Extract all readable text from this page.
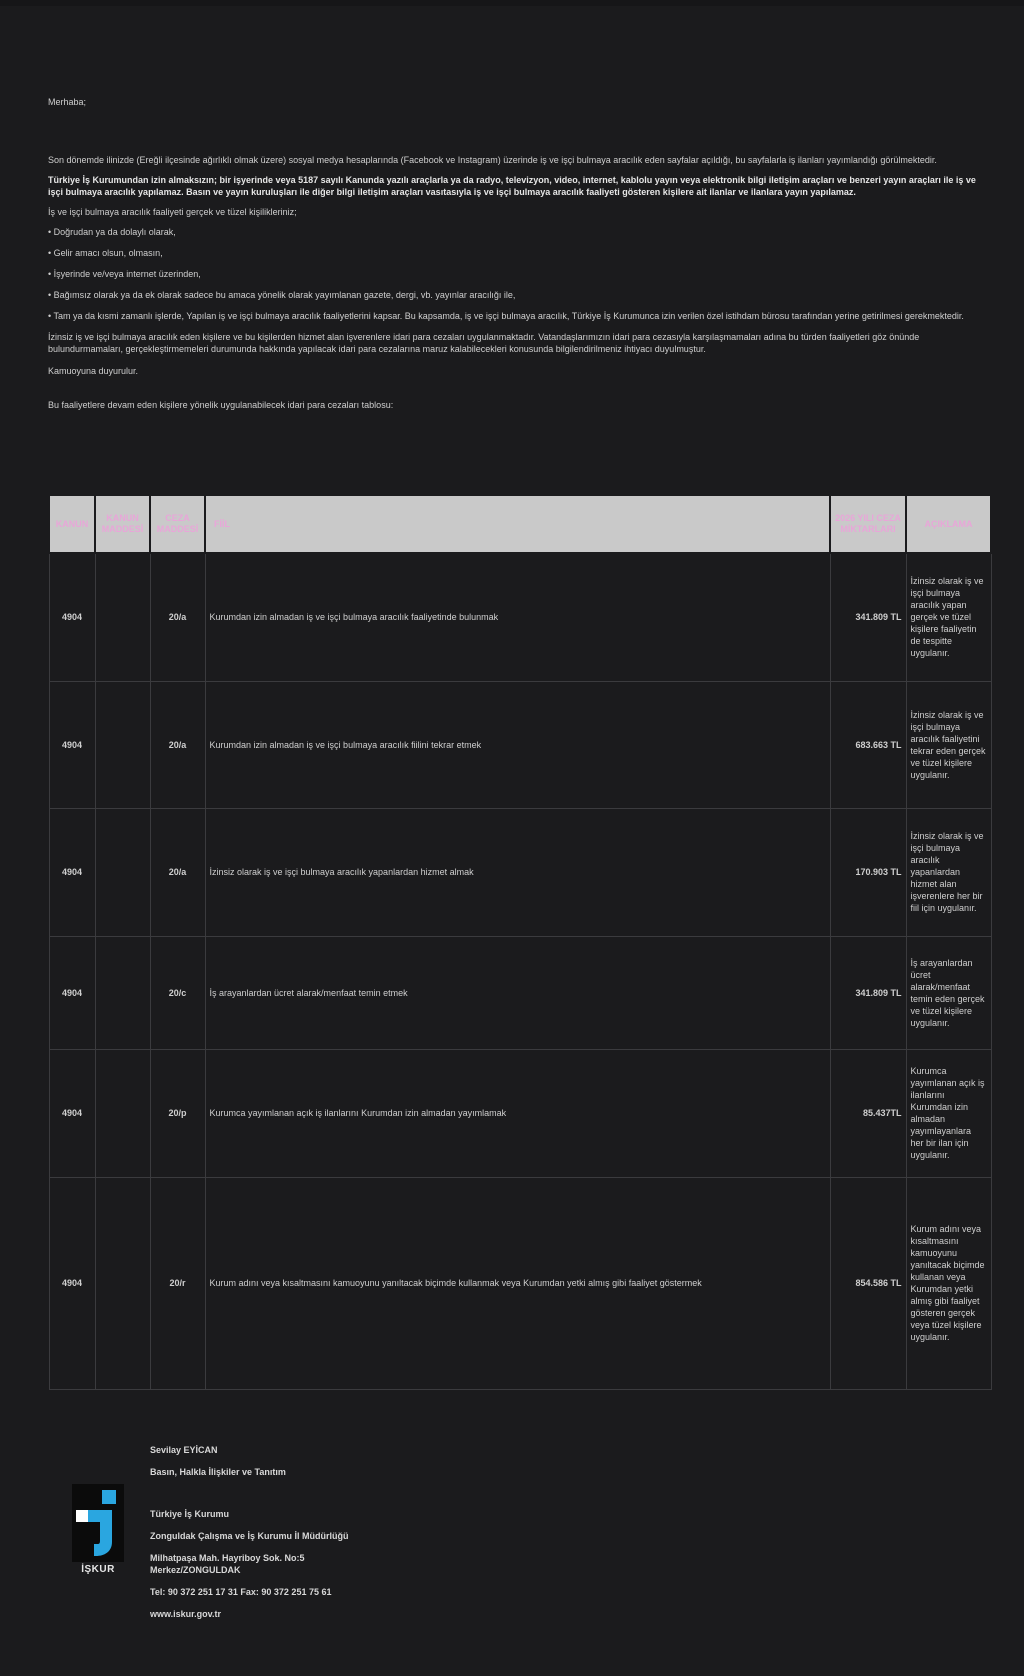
Merhaba;

Son dönemde ilinizde (Ereğli ilçesinde ağırlıklı olmak üzere) sosyal medya hesaplarında (Facebook ve Instagram) üzerinde iş ve işçi bulmaya aracılık eden sayfalar açıldığı, bu sayfalarla iş ilanları yayımlandığı görülmektedir.

Türkiye İş Kurumundan izin almaksızın; bir işyerinde veya 5187 sayılı Kanunda yazılı araçlarla ya da radyo, televizyon, video, internet, kablolu yayın veya elektronik bilgi iletişim araçları ve benzeri yayın araçları ile iş ve işçi bulmaya aracılık yapılamaz. Basın ve yayın kuruluşları ile diğer bilgi iletişim araçları vasıtasıyla iş ve işçi bulmaya aracılık faaliyeti gösteren kişilere ait ilanlar ve ilanlara yayın yapılamaz.

İş ve işçi bulmaya aracılık faaliyeti gerçek ve tüzel kişilikleriniz;

• Doğrudan ya da dolaylı olarak,

• Gelir amacı olsun, olmasın,

• İşyerinde ve/veya internet üzerinden,

• Bağımsız olarak ya da ek olarak sadece bu amaca yönelik olarak yayımlanan gazete, dergi, vb. yayınlar aracılığı ile,

• Tam ya da kısmi zamanlı işlerde, Yapılan iş ve işçi bulmaya aracılık faaliyetlerini kapsar. Bu kapsamda, iş ve işçi bulmaya aracılık, Türkiye İş Kurumunca izin verilen özel istihdam bürosu tarafından yerine getirilmesi gerekmektedir.

İzinsiz iş ve işçi bulmaya aracılık eden kişilere ve bu kişilerden hizmet alan işverenlere idari para cezaları uygulanmaktadır. Vatandaşlarımızın idari para cezasıyla karşılaşmamaları adına bu türden faaliyetleri göz önünde bulundurmamaları, gerçekleştirmemeleri durumunda hakkında yapılacak idari para cezalarına maruz kalabilecekleri konusunda bilgilendirilmeniz ihtiyacı duyulmuştur.

Kamuoyuna duyurulur.

Bu faaliyetlere devam eden kişilere yönelik uygulanabilecek idari para cezaları tablosu:

KANUN	KANUN MADDESİ	CEZA MADDESİ	FİİL	2026 YILI CEZA MİKTARLARI	AÇIKLAMA
4904		20/a	Kurumdan izin almadan iş ve işçi bulmaya aracılık faaliyetinde bulunmak	341.809 TL	İzinsiz olarak iş ve işçi bulmaya aracılık yapan gerçek ve tüzel kişilere faaliyetin de tespitte uygulanır.
4904		20/a	Kurumdan izin almadan iş ve işçi bulmaya aracılık fiilini tekrar etmek	683.663 TL	İzinsiz olarak iş ve işçi bulmaya aracılık faaliyetini tekrar eden gerçek ve tüzel kişilere uygulanır.
4904		20/a	İzinsiz olarak iş ve işçi bulmaya aracılık yapanlardan hizmet almak	170.903 TL	İzinsiz olarak iş ve işçi bulmaya aracılık yapanlardan hizmet alan işverenlere her bir fiil için uygulanır.
4904		20/c	İş arayanlardan ücret alarak/menfaat temin etmek	341.809 TL	İş arayanlardan ücret alarak/menfaat temin eden gerçek ve tüzel kişilere uygulanır.
4904		20/p	Kurumca yayımlanan açık iş ilanlarını Kurumdan izin almadan yayımlamak	85.437TL	Kurumca yayımlanan açık iş ilanlarını Kurumdan izin almadan yayımlayanlara her bir ilan için uygulanır.
4904		20/r	Kurum adını veya kısaltmasını kamuoyunu yanıltacak biçimde kullanmak veya Kurumdan yetki almış gibi faaliyet göstermek	854.586 TL	Kurum adını veya kısaltmasını kamuoyunu yanıltacak biçimde kullanan veya Kurumdan yetki almış gibi faaliyet gösteren gerçek veya tüzel kişilere uygulanır.
İŞKUR

Sevilay EYİCAN

Basın, Halkla İlişkiler ve Tanıtım

Türkiye İş Kurumu

Zonguldak Çalışma ve İş Kurumu İl Müdürlüğü

Milhatpaşa Mah. Hayriboy Sok. No:5

Merkez/ZONGULDAK

Tel: 90 372 251 17 31 Fax: 90 372 251 75 61

www.iskur.gov.tr
